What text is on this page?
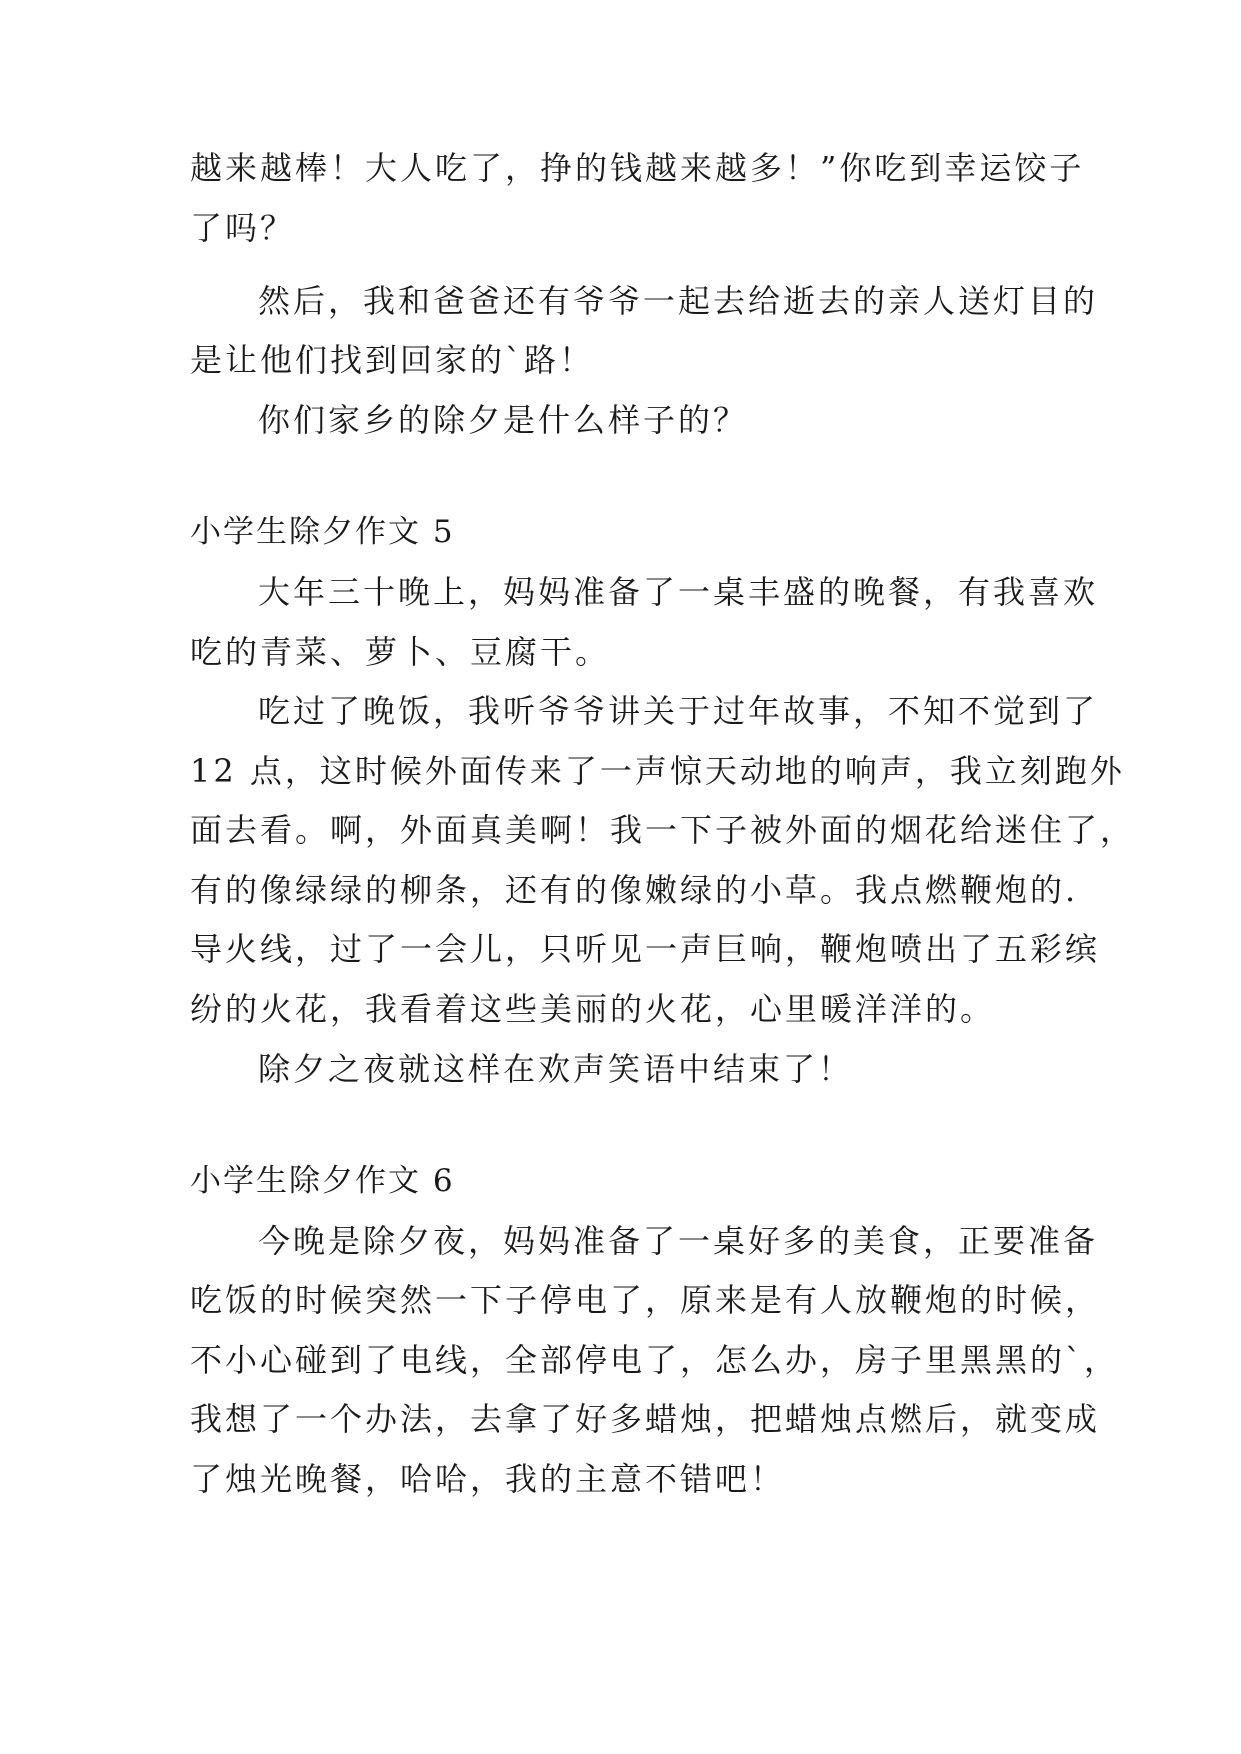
越来越棒！大人吃了，挣的钱越来越多！”你吃到幸运饺子
了吗？
然后，我和爸爸还有爷爷一起去给逝去的亲人送灯目的
是让他们找到回家的`路！
你们家乡的除夕是什么样子的？
小学生除夕作文 5
大年三十晚上，妈妈准备了一桌丰盛的晚餐，有我喜欢
吃的青菜、萝卜、豆腐干。
吃过了晚饭，我听爷爷讲关于过年故事，不知不觉到了
12 点，这时候外面传来了一声惊天动地的响声，我立刻跑外
面去看。啊，外面真美啊！我一下子被外面的烟花给迷住了，
有的像绿绿的柳条，还有的像嫩绿的小草。我点燃鞭炮的.
导火线，过了一会儿，只听见一声巨响，鞭炮喷出了五彩缤
纷的火花，我看着这些美丽的火花，心里暖洋洋的。
除夕之夜就这样在欢声笑语中结束了！
小学生除夕作文 6
今晚是除夕夜，妈妈准备了一桌好多的美食，正要准备
吃饭的时候突然一下子停电了，原来是有人放鞭炮的时候，
不小心碰到了电线，全部停电了，怎么办，房子里黑黑的`，
我想了一个办法，去拿了好多蜡烛，把蜡烛点燃后，就变成
了烛光晚餐，哈哈，我的主意不错吧！
